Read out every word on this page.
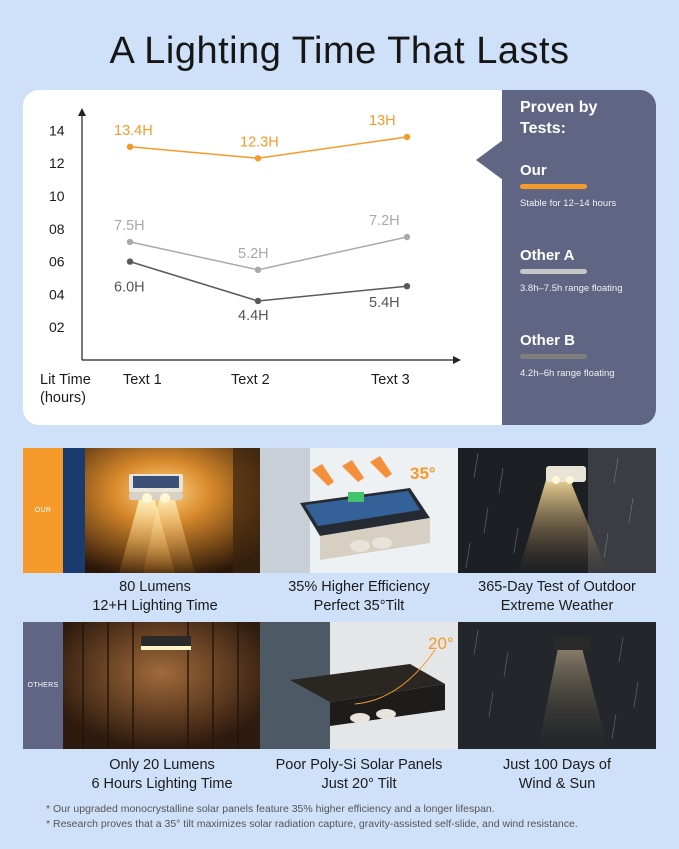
A Lighting Time That Lasts
Proven by Tests:
Our
Stable for 12–14 hours
Other A
3.8h–7.5h range floating
Other B
4.2h–6h range floating
02
04
06
08
10
12
14
Text 1	Text 2	Text 3
Lit Time
(hours)
13.4H
12.3H
13H
7.5H
5.2H
7.2H
6.0H
4.4H
5.4H
OUR
35°
80 Lumens
12+H Lighting Time
35% Higher Efficiency
Perfect 35°Tilt
365-Day Test of Outdoor
Extreme Weather
OTHERS
20°
Only 20 Lumens
6 Hours Lighting Time
Poor Poly-Si Solar Panels
Just 20° Tilt
Just 100 Days of
Wind & Sun
* Our upgraded monocrystalline solar panels feature 35% higher efficiency and a longer lifespan.
* Research proves that a 35° tilt maximizes solar radiation capture, gravity-assisted self-slide, and wind resistance.
